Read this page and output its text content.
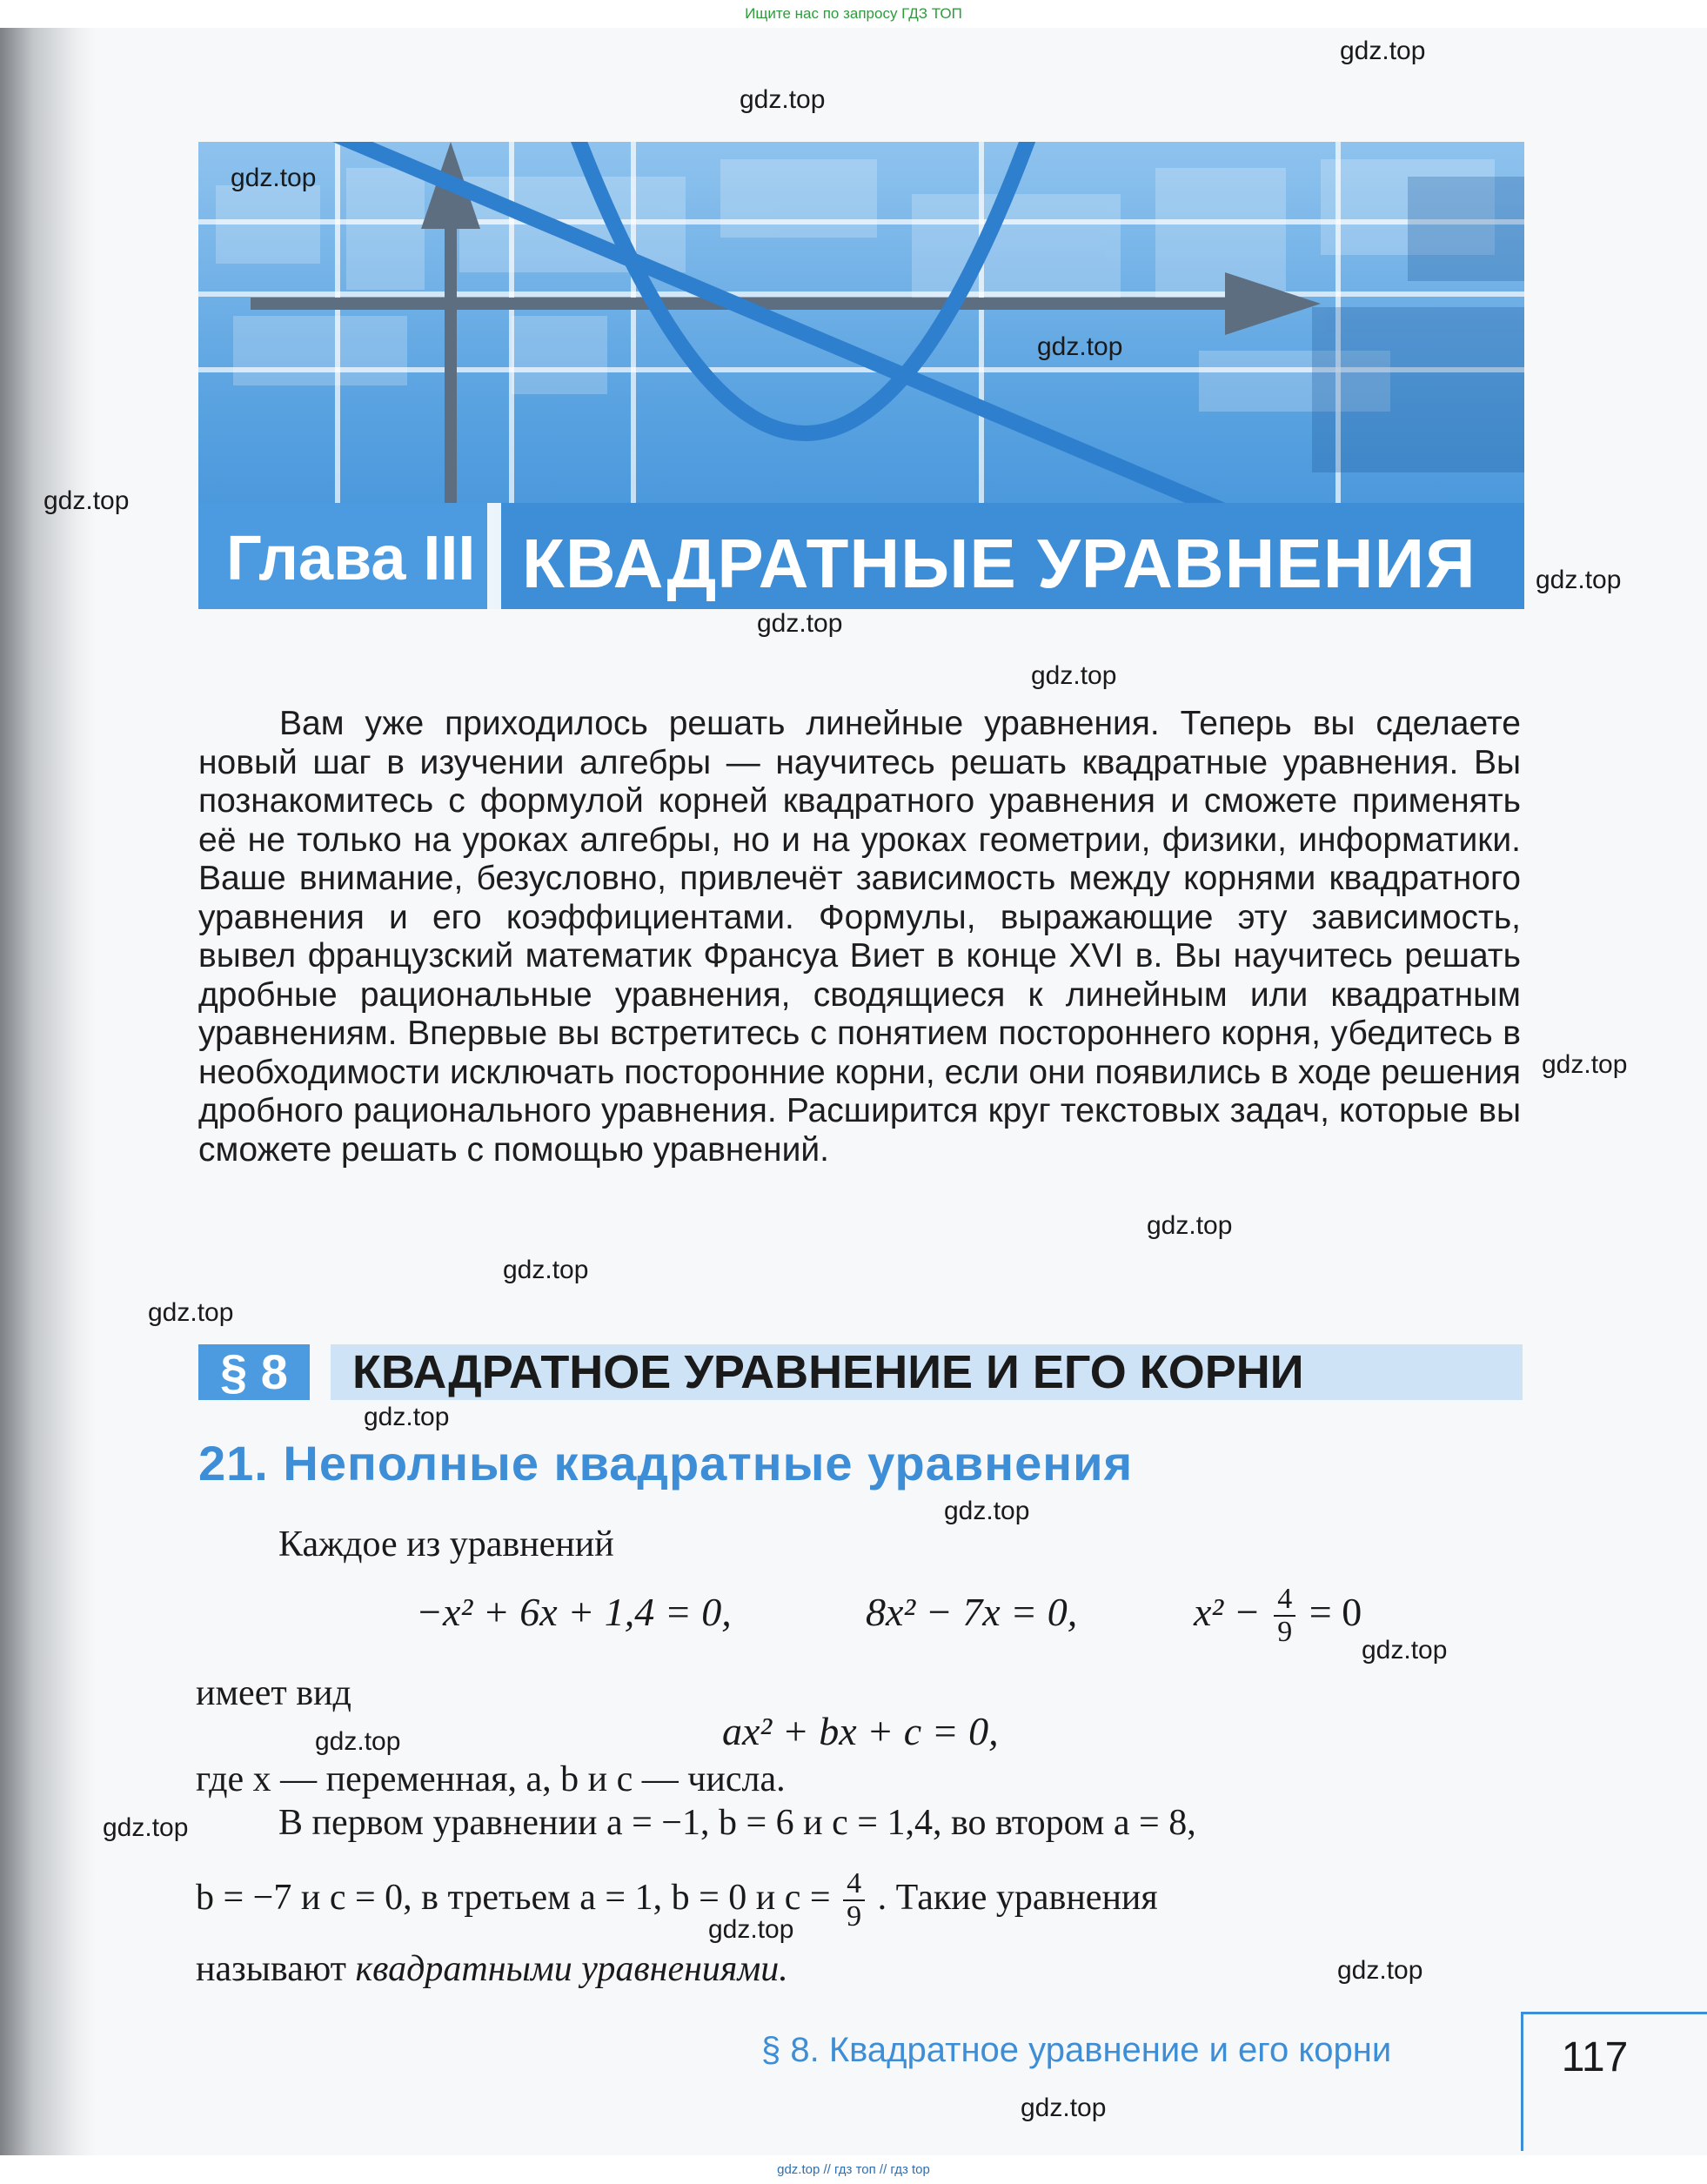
Ищите нас по запросу ГДЗ ТОП
Глава III КВАДРАТНЫЕ УРАВНЕНИЯ
Вам уже приходилось решать линейные уравнения. Теперь вы сделаете новый шаг в изучении алгебры — научитесь решать квадратные уравнения. Вы познакомитесь с формулой корней квадратного уравнения и сможете применять её не только на уроках алгебры, но и на уроках геометрии, физики, информатики. Ваше внимание, безусловно, привлечёт зависимость между корнями квадратного уравнения и его коэффициентами. Формулы, выражающие эту зависимость, вывел французский математик Франсуа Виет в конце XVI в. Вы научитесь решать дробные рациональные уравнения, сводящиеся к линейным или квадратным уравнениям. Впервые вы встретитесь с понятием постороннего корня, убедитесь в необходимости исключать посторонние корни, если они появились в ходе решения дробного рационального уравнения. Расширится круг текстовых задач, которые вы сможете решать с помощью уравнений.
§ 8	КВАДРАТНОЕ УРАВНЕНИЕ И ЕГО КОРНИ
21. Неполные квадратные уравнения
Каждое из уравнений
−x² + 6x + 1,4 = 0,	8x² − 7x = 0,	$x^2 - \frac{4}{9} = 0$
имеет вид
ax² + bx + c = 0,
где x — переменная, a, b и c — числа.
В первом уравнении a = −1, b = 6 и c = 1,4, во втором a = 8,
b = −7 и c = 0, в третьем a = 1, b = 0 и $c = \frac{4}{9}$ . Такие уравнения
называют квадратными уравнениями.
§ 8. Квадратное уравнение и его корни	117
gdz.top
gdz.top
gdz.top
gdz.top
gdz.top
gdz.top
gdz.top
gdz.top
gdz.top
gdz.top
gdz.top
gdz.top
gdz.top
gdz.top
gdz.top
gdz.top
gdz.top
gdz.top
gdz.top
gdz.top
gdz.top // гдз топ // гдз top
